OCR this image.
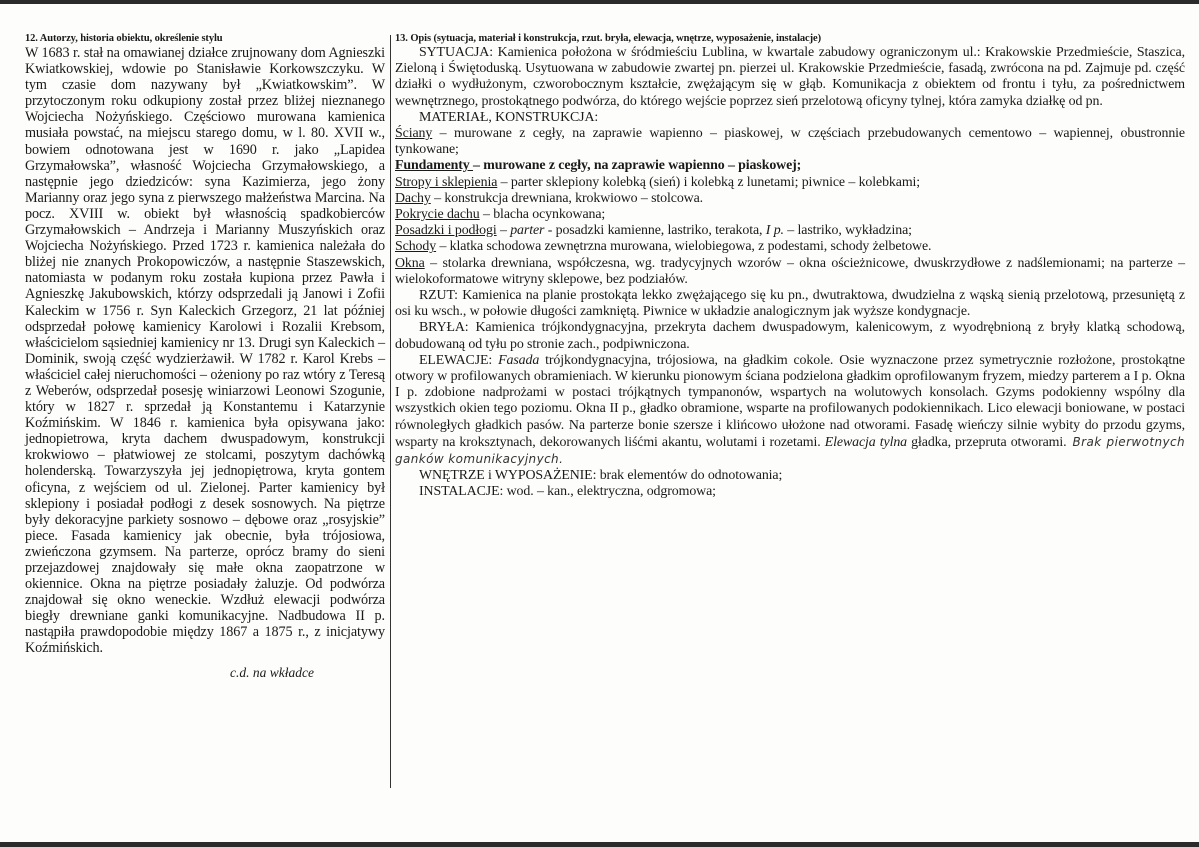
12. Autorzy, historia obiektu, określenie stylu

W 1683 r. stał na omawianej działce zrujnowany dom Agnieszki Kwiatkowskiej, wdowie po Stanisławie Korkowszczyku. W tym czasie dom nazywany był „Kwiatkowskim”. W przytoczonym roku odkupiony został przez bliżej nieznanego Wojciecha Nożyńskiego. Częściowo murowana kamienica musiała powstać, na miejscu starego domu, w l. 80. XVII w., bowiem odnotowana jest w 1690 r. jako „Lapidea Grzymałowska”, własność Wojciecha Grzymałowskiego, a następnie jego dziedziców: syna Kazimierza, jego żony Marianny oraz jego syna z pierwszego małżeństwa Marcina. Na pocz. XVIII w. obiekt był własnością spadkobierców Grzymałowskich – Andrzeja i Marianny Muszyńskich oraz Wojciecha Nożyńskiego. Przed 1723 r. kamienica należała do bliżej nie znanych Prokopowiczów, a następnie Staszewskich, natomiasta w podanym roku została kupiona przez Pawła i Agnieszkę Jakubowskich, którzy odsprzedali ją Janowi i Zofii Kaleckim w 1756 r. Syn Kaleckich Grzegorz, 21 lat później odsprzedał połowę kamienicy Karolowi i Rozalii Krebsom, właścicielom sąsiedniej kamienicy nr 13. Drugi syn Kaleckich – Dominik, swoją część wydzierżawił. W 1782 r. Karol Krebs – właściciel całej nieruchomości – ożeniony po raz wtóry z Teresą z Weberów, odsprzedał posesję winiarzowi Leonowi Szogunie, który w 1827 r. sprzedał ją Konstantemu i Katarzynie Koźmińskim. W 1846 r. kamienica była opisywana jako: jednopietrowa, kryta dachem dwuspadowym, konstrukcji krokwiowo – płatwiowej ze stolcami, poszytym dachówką holenderską. Towarzyszyła jej jednopiętrowa, kryta gontem oficyna, z wejściem od ul. Zielonej. Parter kamienicy był sklepiony i posiadał podłogi z desek sosnowych. Na piętrze były dekoracyjne parkiety sosnowo – dębowe oraz „rosyjskie” piece. Fasada kamienicy jak obecnie, była trójosiowa, zwieńczona gzymsem. Na parterze, oprócz bramy do sieni przejazdowej znajdowały się małe okna zaopatrzone w okiennice. Okna na piętrze posiadały żaluzje. Od podwórza znajdował się okno weneckie. Wzdłuż elewacji podwórza biegły drewniane ganki komunikacyjne. Nadbudowa II p. nastąpiła prawdopodobie między 1867 a 1875 r., z inicjatywy Koźmińskich.

c.d. na wkładce
13. Opis (sytuacja, materiał i konstrukcja, rzut. bryła, elewacja, wnętrze, wyposażenie, instalacje)

SYTUACJA: Kamienica położona w śródmieściu Lublina, w kwartale zabudowy ograniczonym ul.: Krakowskie Przedmieście, Staszica, Zieloną i Świętoduską. Usytuowana w zabudowie zwartej pn. pierzei ul. Krakowskie Przedmieście, fasadą, zwrócona na pd. Zajmuje pd. część działki o wydłużonym, czworobocznym kształcie, zwężającym się w głąb. Komunikacja z obiektem od frontu i tyłu, za pośrednictwem wewnętrznego, prostokątnego podwórza, do którego wejście poprzez sień przelotową oficyny tylnej, która zamyka działkę od pn.

MATERIAŁ, KONSTRUKCJA:

Ściany – murowane z cegły, na zaprawie wapienno – piaskowej, w częściach przebudowanych cementowo – wapiennej, obustronnie tynkowane;

Fundamenty – murowane z cegły, na zaprawie wapienno – piaskowej;

Stropy i sklepienia – parter sklepiony kolebką (sień) i kolebką z lunetami; piwnice – kolebkami;

Dachy – konstrukcja drewniana, krokwiowo – stolcowa.

Pokrycie dachu – blacha ocynkowana;

Posadzki i podłogi – parter - posadzki kamienne, lastriko, terakota, I p. – lastriko, wykładzina;

Schody – klatka schodowa zewnętrzna murowana, wielobiegowa, z podestami, schody żelbetowe.

Okna – stolarka drewniana, współczesna, wg. tradycyjnych wzorów – okna ościeżnicowe, dwuskrzydłowe z nadślemionami; na parterze – wielokoformatowe witryny sklepowe, bez podziałów.

RZUT: Kamienica na planie prostokąta lekko zwężającego się ku pn., dwutraktowa, dwudzielna z wąską sienią przelotową, przesuniętą z osi ku wsch., w połowie długości zamkniętą. Piwnice w układzie analogicznym jak wyższe kondygnacje.

BRYŁA: Kamienica trójkondygnacyjna, przekryta dachem dwuspadowym, kalenicowym, z wyodrębnioną z bryły klatką schodową, dobudowaną od tyłu po stronie zach., podpiwniczona.

ELEWACJE: Fasada trójkondygnacyjna, trójosiowa, na gładkim cokole. Osie wyznaczone przez symetrycznie rozłożone, prostokątne otwory w profilowanych obramieniach. W kierunku pionowym ściana podzielona gładkim oprofilowanym fryzem, miedzy parterem a I p. Okna I p. zdobione nadprożami w postaci trójkątnych tympanonów, wspartych na wolutowych konsolach. Gzyms podokienny wspólny dla wszystkich okien tego poziomu. Okna II p., gładko obramione, wsparte na profilowanych podokiennikach. Lico elewacji boniowane, w postaci równoległych gładkich pasów. Na parterze bonie szersze i klińcowo ułożone nad otworami. Fasadę wieńczy silnie wybity do przodu gzyms, wsparty na kroksztynach, dekorowanych liśćmi akantu, wolutami i rozetami. Elewacja tylna gładka, przepruta otworami. Brak pierwotnych ganków komunikacyjnych.

WNĘTRZE i WYPOSAŻENIE: brak elementów do odnotowania;

INSTALACJE: wod. – kan., elektryczna, odgromowa;
